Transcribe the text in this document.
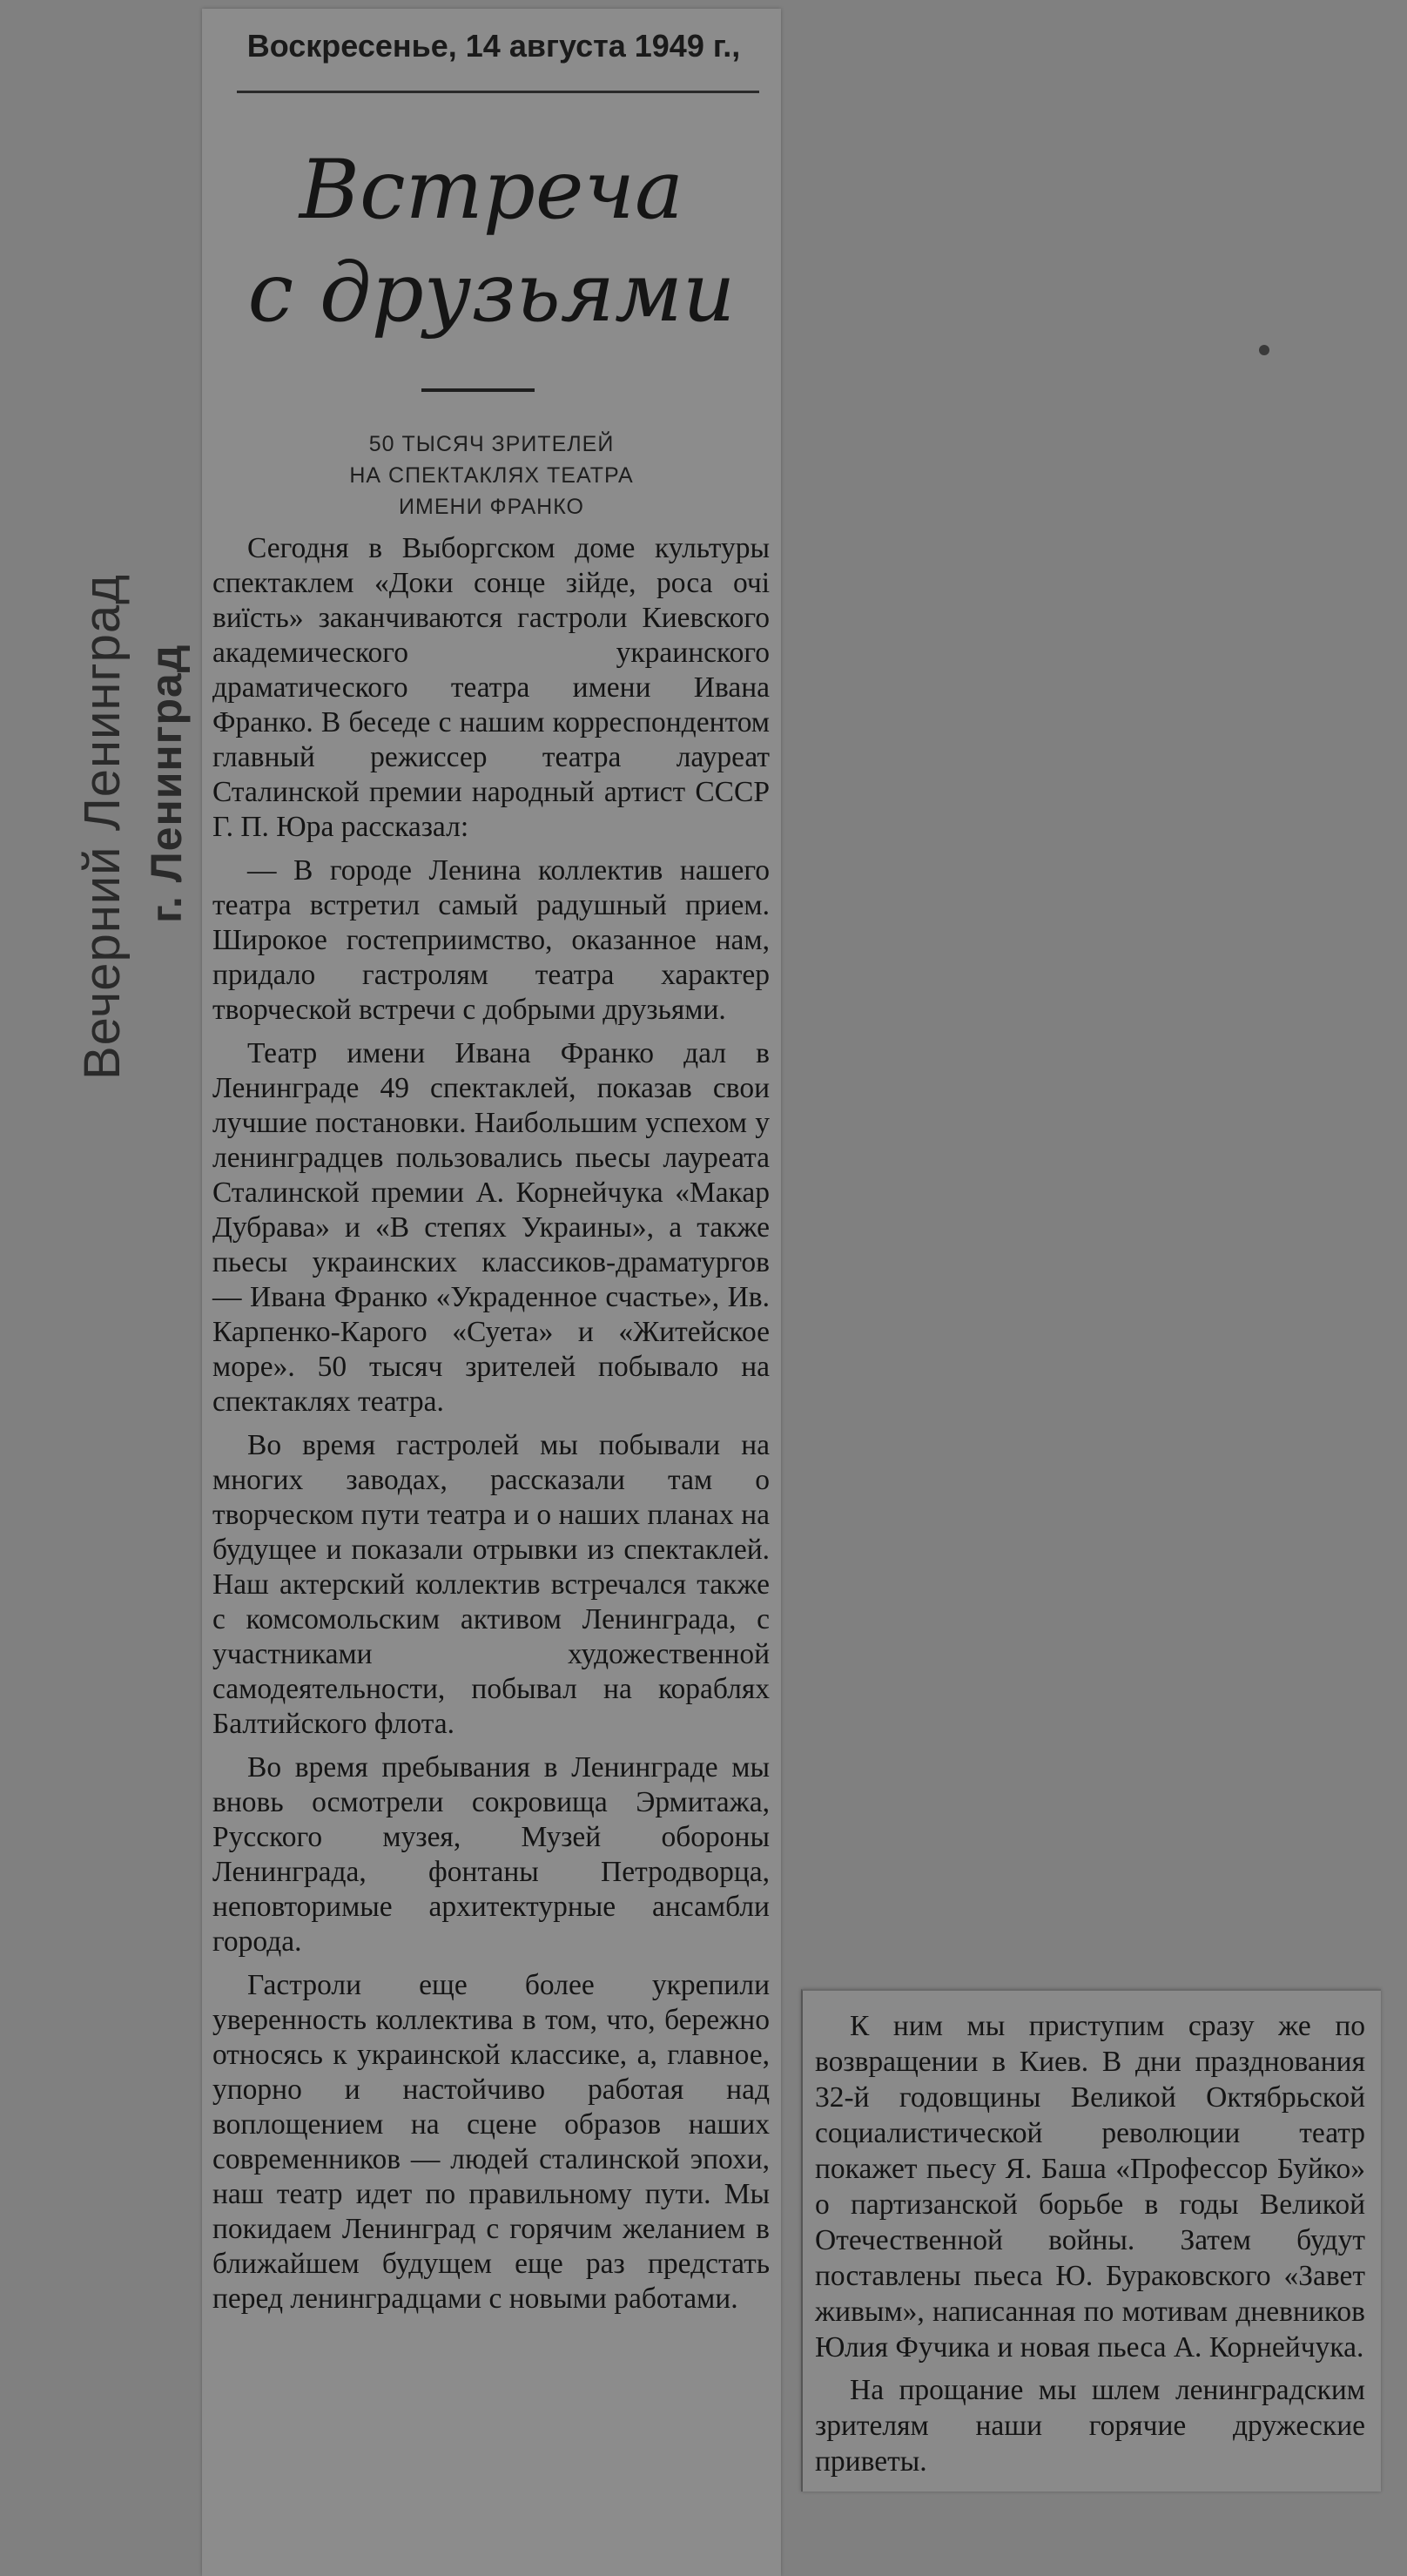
Вечерний Ленинград г. Ленинград
Воскресенье, 14 августа 1949 г.,
Встреча
с друзьями
50 ТЫСЯЧ ЗРИТЕЛЕЙ
НА СПЕКТАКЛЯХ ТЕАТРА
ИМЕНИ ФРАНКО

Сегодня в Выборгском доме культуры спектаклем «Доки сонце зiйде, роса очi виïсть» заканчиваются гастроли Киевского академического украинского драматического театра имени Ивана Франко. В беседе с нашим корреспондентом главный режиссер театра лауреат Сталинской премии народный артист СССР Г. П. Юра рассказал:

— В городе Ленина коллектив нашего театра встретил самый радушный прием. Широкое гостеприимство, оказанное нам, придало гастролям театра характер творческой встречи с добрыми друзьями.

Театр имени Ивана Франко дал в Ленинграде 49 спектаклей, показав свои лучшие постановки. Наибольшим успехом у ленинградцев пользовались пьесы лауреата Сталинской премии А. Корнейчука «Макар Дубрава» и «В степях Украины», а также пьесы украинских классиков-драматургов — Ивана Франко «Украденное счастье», Ив. Карпенко-Карого «Суета» и «Житейское море». 50 тысяч зрителей побывало на спектаклях театра.

Во время гастролей мы побывали на многих заводах, рассказали там о творческом пути театра и о наших планах на будущее и показали отрывки из спектаклей. Наш актерский коллектив встречался также с комсомольским активом Ленинграда, с участниками художественной самодеятельности, побывал на кораблях Балтийского флота.

Во время пребывания в Ленинграде мы вновь осмотрели сокровища Эрмитажа, Русского музея, Музей обороны Ленинграда, фонтаны Петродворца, неповторимые архитектурные ансамбли города.

Гастроли еще более укрепили уверенность коллектива в том, что, бережно относясь к украинской классике, а, главное, упорно и настойчиво работая над воплощением на сцене образов наших современников — людей сталинской эпохи, наш театр идет по правильному пути. Мы покидаем Ленинград с горячим желанием в ближайшем будущем еще раз предстать перед ленинградцами с новыми работами.

К ним мы приступим сразу же по возвращении в Киев. В дни празднования 32-й годовщины Великой Октябрьской социалистической революции театр покажет пьесу Я. Баша «Профессор Буйко» о партизанской борьбе в годы Великой Отечественной войны. Затем будут поставлены пьеса Ю. Бураковского «Завет живым», написанная по мотивам дневников Юлия Фучика и новая пьеса А. Корнейчука.

На прощание мы шлем ленинградским зрителям наши горячие дружеские приветы.
